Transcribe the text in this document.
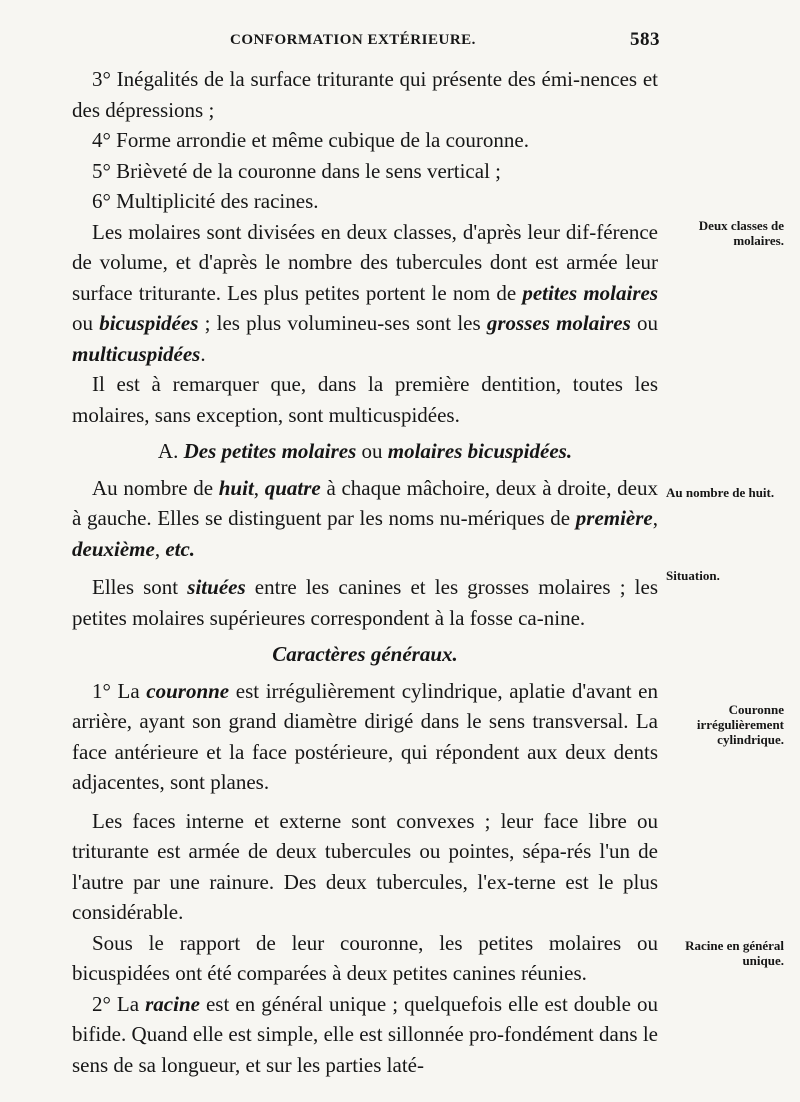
CONFORMATION EXTÉRIEURE.	583

3° Inégalités de la surface triturante qui présente des émi-nences et des dépressions ;

4° Forme arrondie et même cubique de la couronne.

5° Brièveté de la couronne dans le sens vertical ;

6° Multiplicité des racines.

Les molaires sont divisées en deux classes, d'après leur dif-férence de volume, et d'après le nombre des tubercules dont est armée leur surface triturante. Les plus petites portent le nom de petites molaires ou bicuspidées ; les plus volumineu-ses sont les grosses molaires ou multicuspidées.

Il est à remarquer que, dans la première dentition, toutes les molaires, sans exception, sont multicuspidées.

A. Des petites molaires ou molaires bicuspidées.

Au nombre de huit, quatre à chaque mâchoire, deux à droite, deux à gauche. Elles se distinguent par les noms nu-mériques de première, deuxième, etc.

Elles sont situées entre les canines et les grosses molaires ; les petites molaires supérieures correspondent à la fosse ca-nine.

Caractères généraux.

1° La couronne est irrégulièrement cylindrique, aplatie d'avant en arrière, ayant son grand diamètre dirigé dans le sens transversal. La face antérieure et la face postérieure, qui répondent aux deux dents adjacentes, sont planes.

Les faces interne et externe sont convexes ; leur face libre ou triturante est armée de deux tubercules ou pointes, sépa-rés l'un de l'autre par une rainure. Des deux tubercules, l'ex-terne est le plus considérable.

Sous le rapport de leur couronne, les petites molaires ou bicuspidées ont été comparées à deux petites canines réunies.

2° La racine est en général unique ; quelquefois elle est double ou bifide. Quand elle est simple, elle est sillonnée pro-fondément dans le sens de sa longueur, et sur les parties laté-

Deux classes de molaires.
Au nombre de huit.
Situation.
Couronne irrégulièrement cylindrique.
Racine en général unique.
